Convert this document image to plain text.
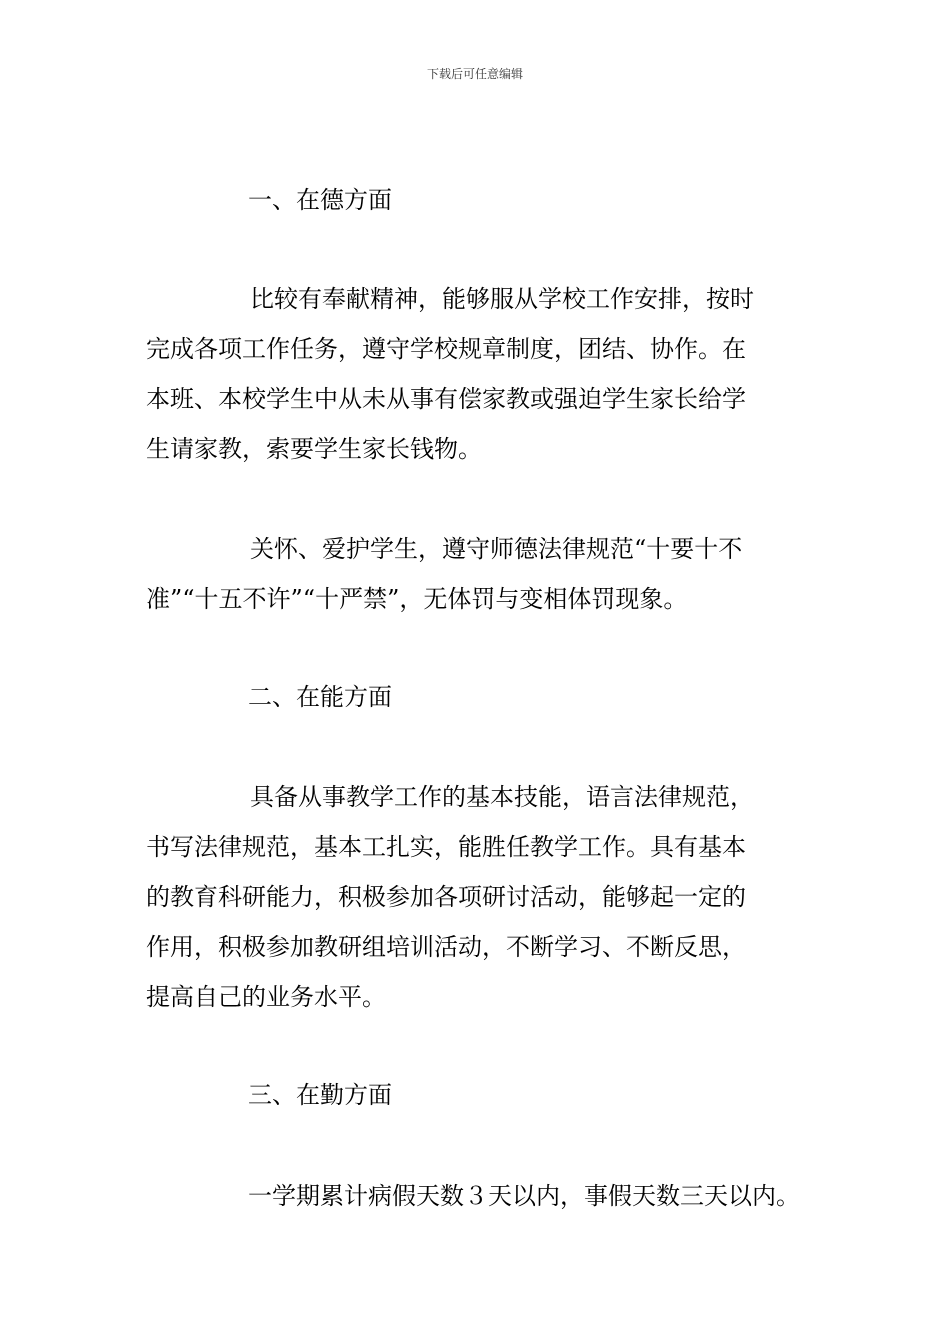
下载后可任意编辑
一、在德方面
比较有奉献精神，能够服从学校工作安排，按时
完成各项工作任务，遵守学校规章制度，团结、协作。在
本班、本校学生中从未从事有偿家教或强迫学生家长给学
生请家教，索要学生家长钱物。
关怀、爱护学生，遵守师德法律规范“十要十不
准”“十五不许”“十严禁”，无体罚与变相体罚现象。
二、在能方面
具备从事教学工作的基本技能，语言法律规范，
书写法律规范，基本工扎实，能胜任教学工作。具有基本
的教育科研能力，积极参加各项研讨活动，能够起一定的
作用，积极参加教研组培训活动，不断学习、不断反思，
提高自己的业务水平。
三、在勤方面
一学期累计病假天数３天以内，事假天数三天以内。
